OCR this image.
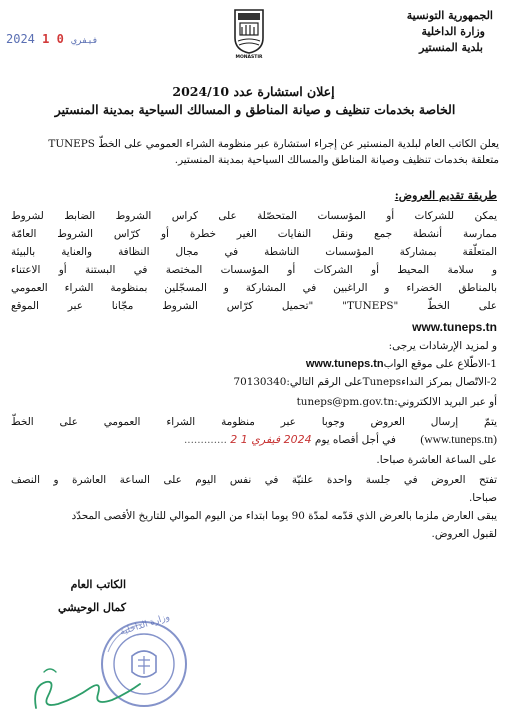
2024	فيفري 0 1
MONASTIR
الجمهورية التونسية
وزارة الداخلية
بلدية المنستير
إعلان استشارة عدد 2024/10
الخاصة بخدمات تنظيف و صيانة المناطق و المسالك السياحية بمدينة المنستير
يعلن الكاتب العام لبلدية المنستير عن إجراء استشارة عبر منظومة الشراء العمومي على الخطّ TUNEPS
متعلقة بخدمات تنظيف وصيانة المناطق والمسالك السياحية بمدينة المنستير.
طريقة تقديم العروض:
يمكن للشركات أو المؤسسات المتحصّلة على كراس الشروط الضابط لشروط
ممارسة أنشطة جمع ونقل النفايات الغير خطرة أو كرّاس الشروط العامّة
المتعلّقة بمشاركة المؤسسات الناشطة في مجال النظافة والعناية بالبيئة
و سلامة المحيط أو الشركات أو المؤسسات المختصة في البستنة أو الاعتناء
بالمناطق الخضراء و الراغبين في المشاركة و المسجّلين بمنظومة الشراء العمومي
على الخطّ "TUNEPS" "تحميل كرّاس الشروط مجّانا عبر الموقع
www.tuneps.tn
و لمزيد الإرشادات يرجى:
1-الاطّلاع على موقع الوابwww.tuneps.tn
2-الاتّصال بمركز النداءTunepsعلى الرقم التالي:70130340
أو عبر البريد الالكتروني:tuneps@pm.gov.tn
يتمّ إرسال العروض وجوبا عبر منظومة الشراء العمومي على الخطّ
(www.tuneps.tn)  في أجل أقصاه يوم 2024 فيفري 1 2 .............
على الساعة العاشرة صباحا.
تفتح العروض في جلسة واحدة علنيّة في نفس اليوم على الساعة العاشرة و النصف
صباحا.
يبقى العارض ملزما بالعرض الذي قدّمه لمدّة 90 يوما ابتداء من اليوم الموالي للتاريخ الأقصى المحدّد
لقبول العروض.
الكاتب العام
كمال الوحيشي
وزارة الداخلية
